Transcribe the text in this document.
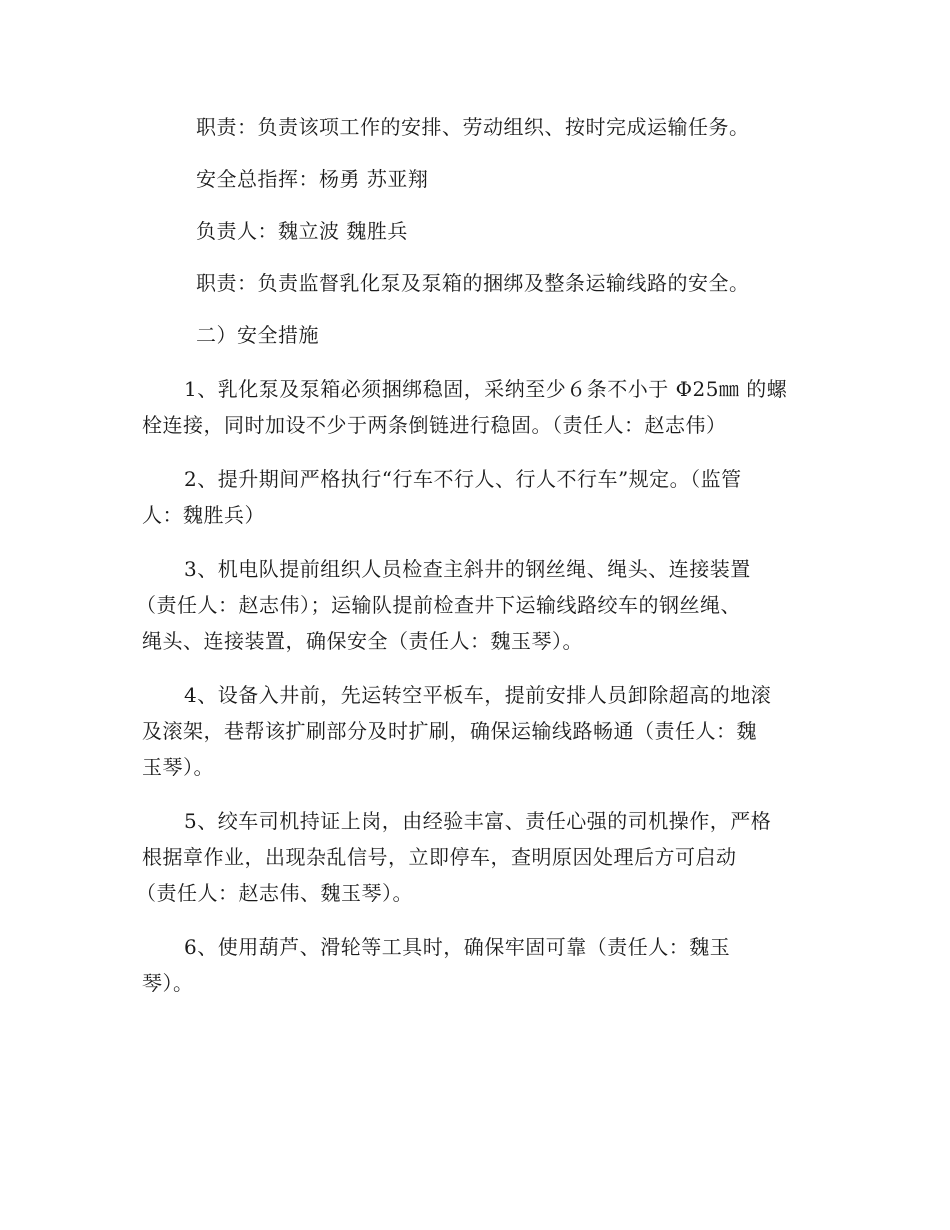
职责：负责该项工作的安排、劳动组织、按时完成运输任务。
安全总指挥：杨勇 苏亚翔
负责人：魏立波 魏胜兵
职责：负责监督乳化泵及泵箱的捆绑及整条运输线路的安全。
二）安全措施
1、乳化泵及泵箱必须捆绑稳固，采纳至少６条不小于 Φ25㎜ 的螺
栓连接，同时加设不少于两条倒链进行稳固。（责任人：赵志伟）
2、提升期间严格执行“行车不行人、行人不行车”规定。（监管
人：魏胜兵）
3、机电队提前组织人员检查主斜井的钢丝绳、绳头、连接装置
（责任人：赵志伟）；运输队提前检查井下运输线路绞车的钢丝绳、
绳头、连接装置，确保安全（责任人：魏玉琴）。
4、设备入井前，先运转空平板车，提前安排人员卸除超高的地滚
及滚架，巷帮该扩刷部分及时扩刷，确保运输线路畅通（责任人：魏
玉琴）。
5、绞车司机持证上岗，由经验丰富、责任心强的司机操作，严格
根据章作业，出现杂乱信号，立即停车，查明原因处理后方可启动
（责任人：赵志伟、魏玉琴）。
6、使用葫芦、滑轮等工具时，确保牢固可靠（责任人：魏玉
琴）。
